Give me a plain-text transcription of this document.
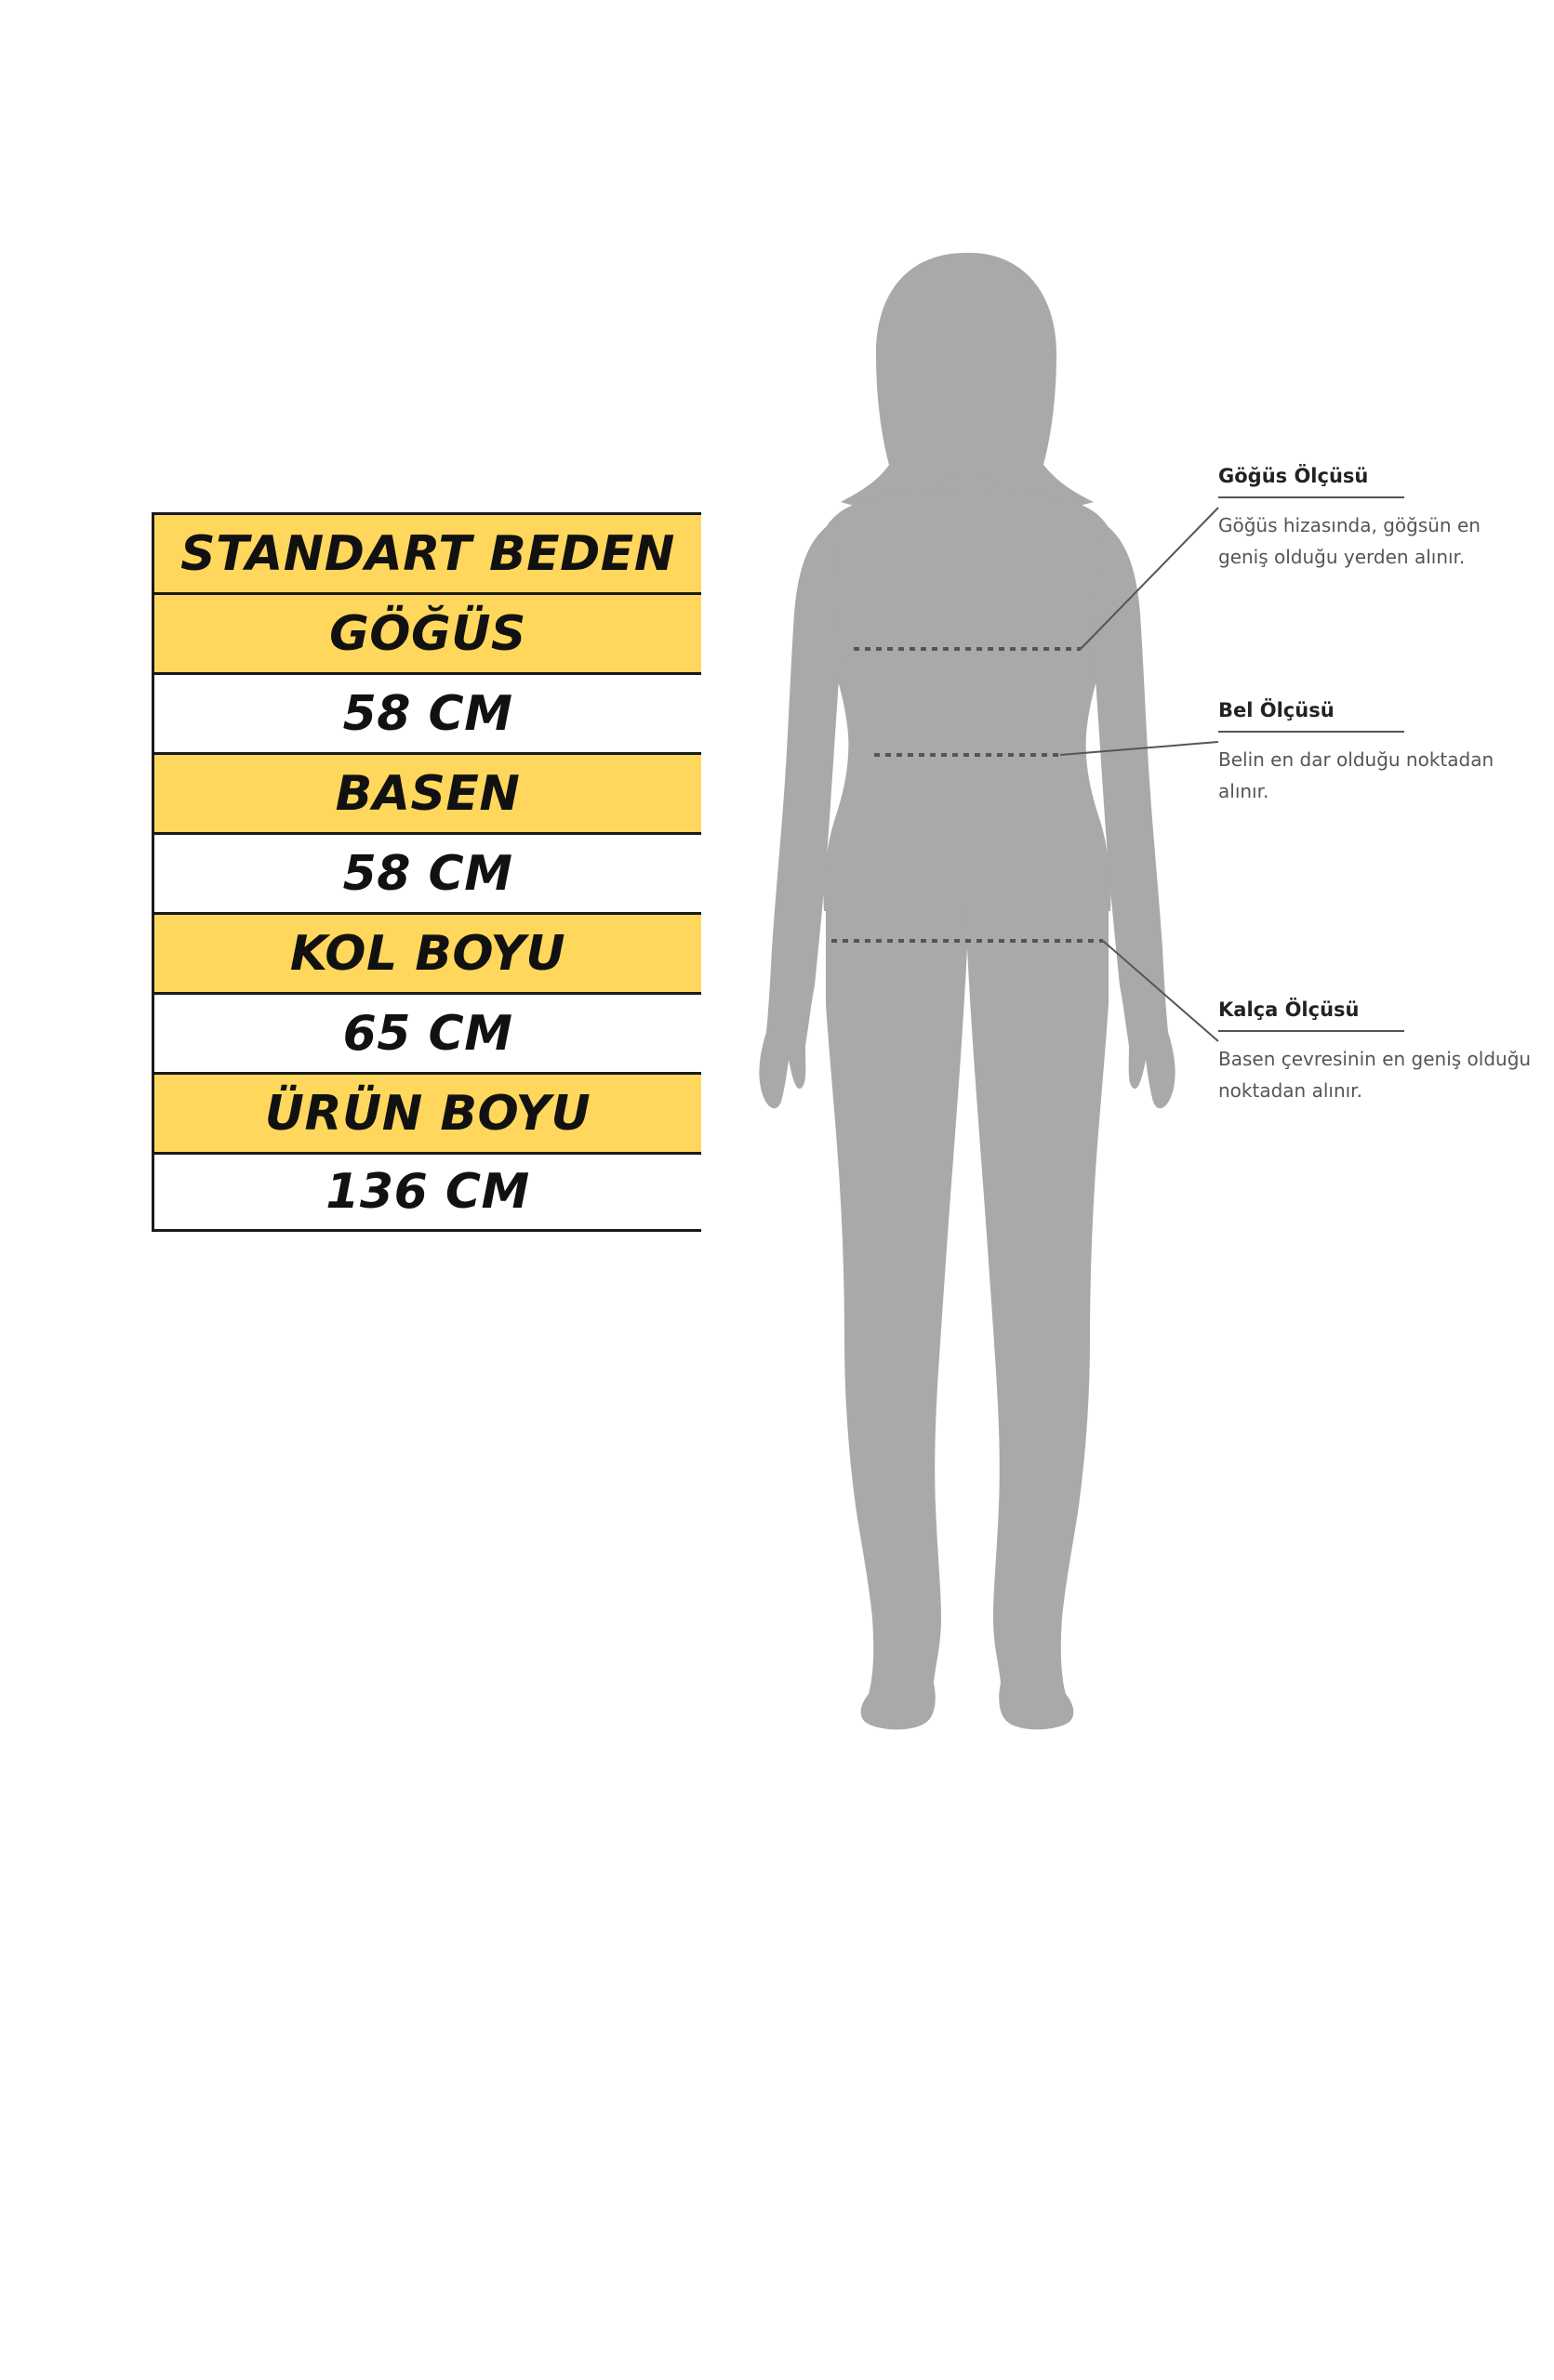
STANDART BEDEN
GÖĞÜS
58 CM
BASEN
58 CM
KOL BOYU
65 CM
ÜRÜN BOYU
136 CM
Göğüs Ölçüsü
Göğüs hizasında, göğsün en geniş olduğu yerden alınır.
Bel Ölçüsü
Belin en dar olduğu noktadan alınır.
Kalça Ölçüsü
Basen çevresinin en geniş olduğu noktadan alınır.
